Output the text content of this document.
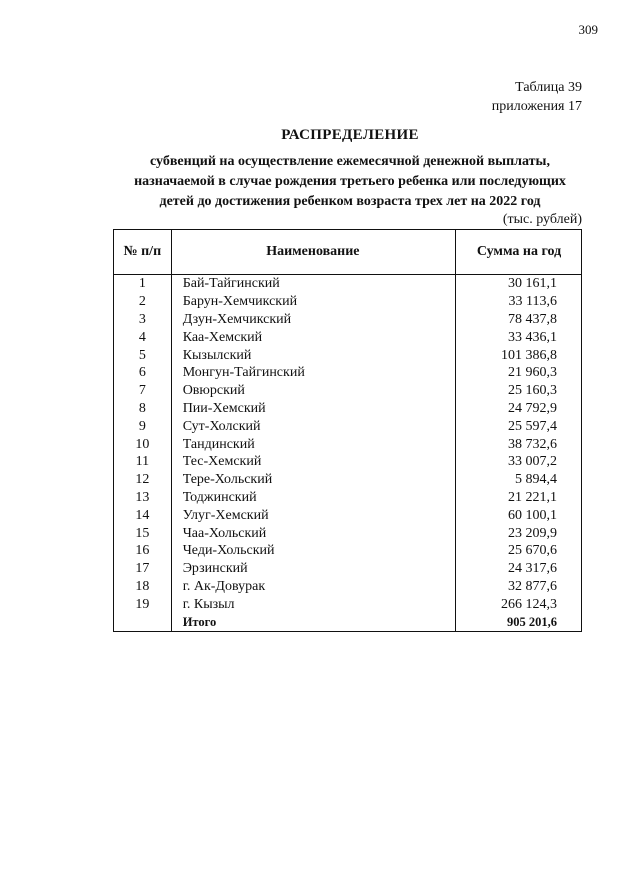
309
Таблица 39
приложения 17
РАСПРЕДЕЛЕНИЕ
субвенций на осуществление ежемесячной денежной выплаты,
назначаемой в случае рождения третьего ребенка или последующих
детей до достижения ребенком возраста трех лет на 2022 год
(тыс. рублей)
№ п/п	Наименование	Сумма на год
1	Бай-Тайгинский	30 161,1
2	Барун-Хемчикский	33 113,6
3	Дзун-Хемчикский	78 437,8
4	Каа-Хемский	33 436,1
5	Кызылский	101 386,8
6	Монгун-Тайгинский	21 960,3
7	Овюрский	25 160,3
8	Пии-Хемский	24 792,9
9	Сут-Холский	25 597,4
10	Тандинский	38 732,6
11	Тес-Хемский	33 007,2
12	Тере-Хольский	5 894,4
13	Тоджинский	21 221,1
14	Улуг-Хемский	60 100,1
15	Чаа-Хольский	23 209,9
16	Чеди-Хольский	25 670,6
17	Эрзинский	24 317,6
18	г. Ак-Довурак	32 877,6
19	г. Кызыл	266 124,3
	Итого	905 201,6
